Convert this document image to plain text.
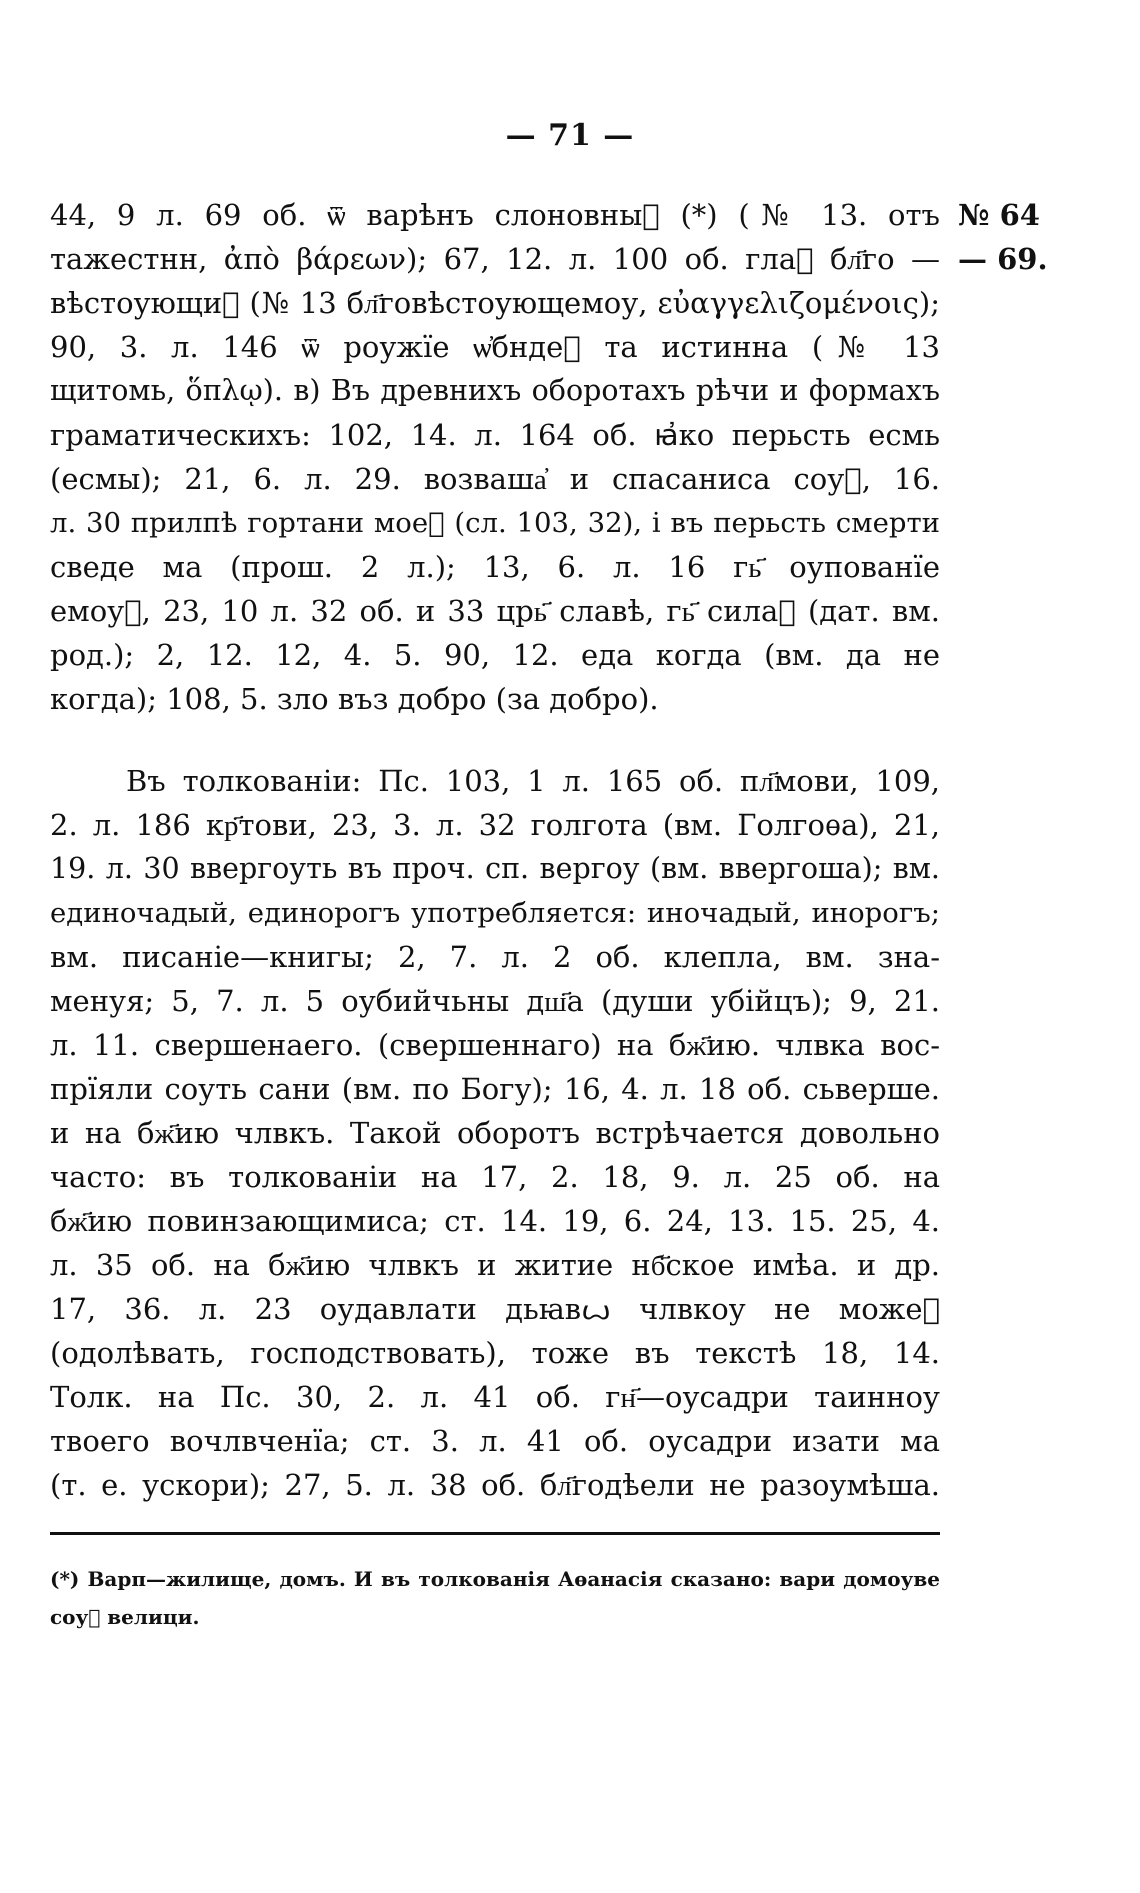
— 71 —
№ 64
— 69.
44, 9 л. 69 об. ѿ варѣнъ слоновныⷯ (*) (№ 13. отъ
тажестнн, ἀπὸ βάρεων); 67, 12. л. 100 об. глаⷭ бл҃го —
вѣстоующиⷯ (№ 13 бл҃говѣстоующемоу, εὐαγγελιζομένοις);
90, 3. л. 146 ѿ роужїе ѡ҆бндеⷮ та истинна (№ 13
щитомь, ὅπλῳ). в) Въ древнихъ оборотахъ рѣчи и формахъ
граматическихъ: 102, 14. л. 164 об. ꙗ҆ко перьсть есмь
(есмы); 21, 6. л. 29. возваша҆ и спасаниса соуⷮ, 16.
л. 30 прилпѣ гортани моеⷨ (сл. 103, 32), і въ перьсть смерти
сведе ма (прош. 2 л.); 13, 6. л. 16 гь҃ оупованїе
емоуⷷ, 23, 10 л. 32 об. и 33 црь҃ славѣ, гь҃ силаⷨ (дат. вм.
род.); 2, 12. 12, 4. 5. 90, 12. еда когда (вм. да не
когда); 108, 5. зло въз добро (за добро).
Въ толкованіи: Пс. 103, 1 л. 165 об. пл҃мови, 109,
2. л. 186 кр҃тови, 23, 3. л. 32 голгота (вм. Голгоѳа), 21,
19. л. 30 ввергоуть въ проч. сп. вергоу (вм. ввергоша); вм.
единочадый, единорогъ употребляется: иночадый, инорогъ;
вм. писаніе—книгы; 2, 7. л. 2 об. клепла, вм. зна-
менуя; 5, 7. л. 5 оубийчьны дш҃а (души убійцъ); 9, 21.
л. 11. свершенаего. (свершеннаго) на бж҃ию. члвка вос-
прїяли соуть сани (вм. по Богу); 16, 4. л. 18 об. сьверше.
и на бж҃ию члвкъ. Такой оборотъ встрѣчается довольно
часто: въ толкованіи на 17, 2. 18, 9. л. 25 об. на
бж҃ию повинзающимиса; ст. 14. 19, 6. 24, 13. 15. 25, 4.
л. 35 об. на бж҃ию члвкъ и житие нб҃ское имѣа. и др.
17, 36. л. 23 оудавлати дьꙗвꙍ члвкоу не можеⷮ
(одолѣвать, господствовать), тоже въ текстѣ 18, 14.
Толк. на Пс. 30, 2. л. 41 об. гн҃—оусадри таинноу
твоего вочлвченїа; ст. 3. л. 41 об. оусадри изати ма
(т. е. ускори); 27, 5. л. 38 об. бл҃годѣели не разоумѣша.
(*) Варп—жилище, домъ. И въ толкованія Аѳанасія сказано: вари домоуве
соуⷮ велици.
